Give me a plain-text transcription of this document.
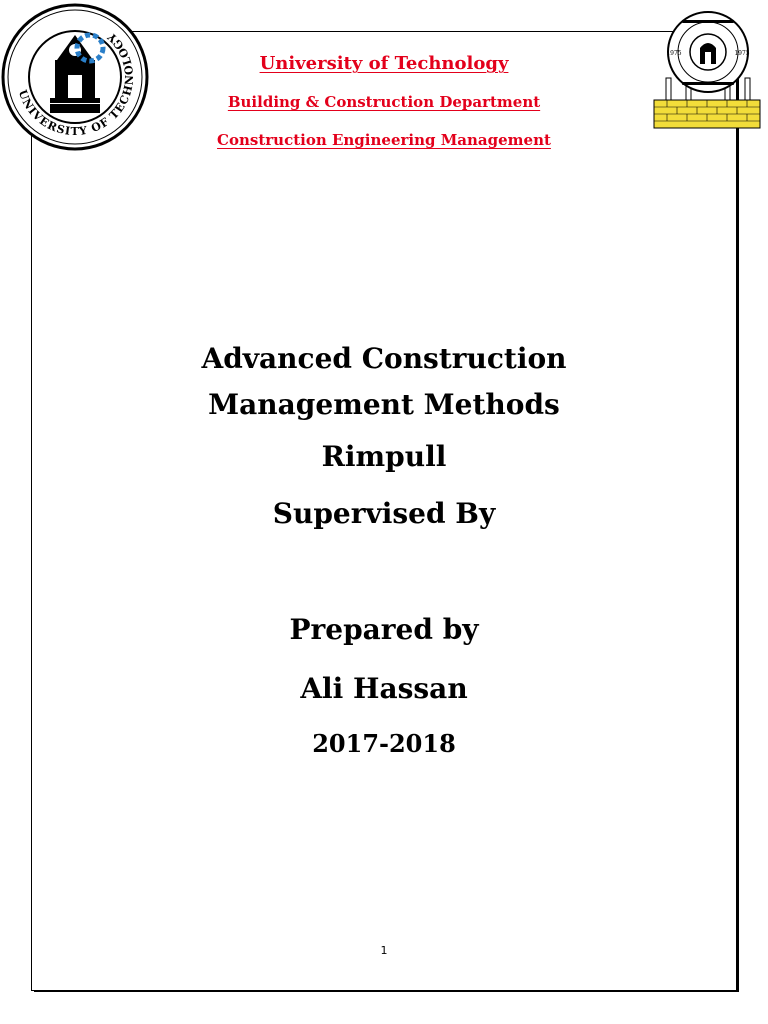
UNIVERSITY OF TECHNOLOGY
1975	1975
University of Technology
Building & Construction Department
Construction Engineering Management
Advanced Construction Management Methods
Rimpull
Supervised By
Prepared by
Ali Hassan
2017-2018
1
